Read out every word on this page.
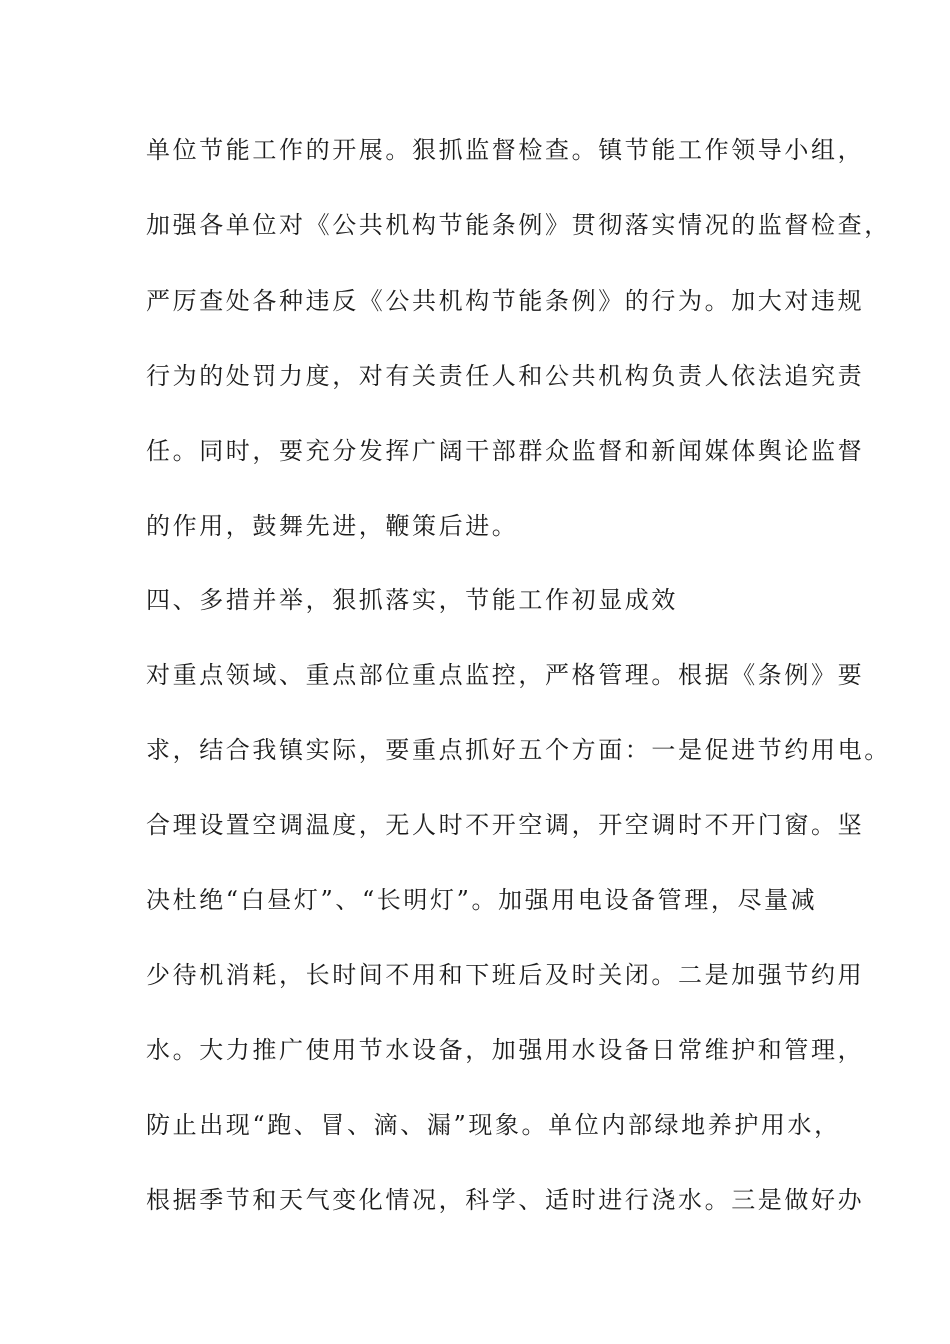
单位节能工作的开展。狠抓监督检查。镇节能工作领导小组，
加强各单位对《公共机构节能条例》贯彻落实情况的监督检查，
严厉查处各种违反《公共机构节能条例》的行为。加大对违规
行为的处罚力度，对有关责任人和公共机构负责人依法追究责
任。同时，要充分发挥广阔干部群众监督和新闻媒体舆论监督
的作用，鼓舞先进，鞭策后进。
四、多措并举，狠抓落实，节能工作初显成效
对重点领域、重点部位重点监控，严格管理。根据《条例》要
求，结合我镇实际，要重点抓好五个方面：一是促进节约用电。
合理设置空调温度，无人时不开空调，开空调时不开门窗。坚
决杜绝“白昼灯”、“长明灯”。加强用电设备管理，尽量减
少待机消耗，长时间不用和下班后及时关闭。二是加强节约用
水。大力推广使用节水设备，加强用水设备日常维护和管理，
防止出现“跑、冒、滴、漏”现象。单位内部绿地养护用水，
根据季节和天气变化情况，科学、适时进行浇水。三是做好办
